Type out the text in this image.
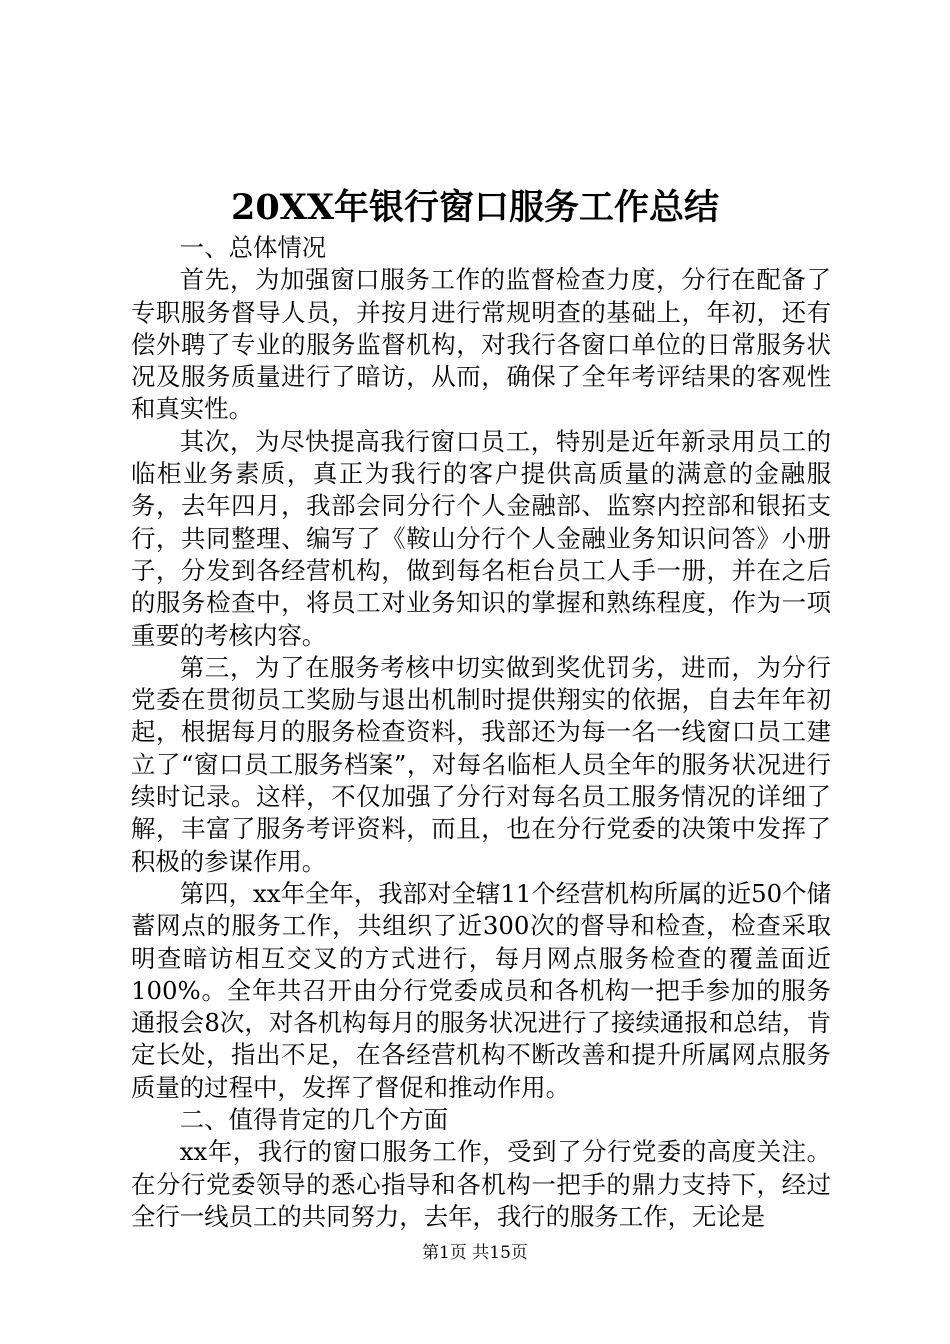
20XX年银行窗口服务工作总结

一、总体情况

首先，为加强窗口服务工作的监督检查力度，分行在配备了专职服务督导人员，并按月进行常规明查的基础上，年初，还有偿外聘了专业的服务监督机构，对我行各窗口单位的日常服务状况及服务质量进行了暗访，从而，确保了全年考评结果的客观性和真实性。

其次，为尽快提高我行窗口员工，特别是近年新录用员工的临柜业务素质，真正为我行的客户提供高质量的满意的金融服务，去年四月，我部会同分行个人金融部、监察内控部和银拓支行，共同整理、编写了《鞍山分行个人金融业务知识问答》小册子，分发到各经营机构，做到每名柜台员工人手一册，并在之后的服务检查中，将员工对业务知识的掌握和熟练程度，作为一项重要的考核内容。

第三，为了在服务考核中切实做到奖优罚劣，进而，为分行党委在贯彻员工奖励与退出机制时提供翔实的依据，自去年年初起，根据每月的服务检查资料，我部还为每一名一线窗口员工建立了“窗口员工服务档案”，对每名临柜人员全年的服务状况进行续时记录。这样，不仅加强了分行对每名员工服务情况的详细了解，丰富了服务考评资料，而且，也在分行党委的决策中发挥了积极的参谋作用。

第四，xx年全年，我部对全辖11个经营机构所属的近50个储蓄网点的服务工作，共组织了近300次的督导和检查，检查采取明查暗访相互交叉的方式进行，每月网点服务检查的覆盖面近100%。全年共召开由分行党委成员和各机构一把手参加的服务通报会8次，对各机构每月的服务状况进行了接续通报和总结，肯定长处，指出不足，在各经营机构不断改善和提升所属网点服务质量的过程中，发挥了督促和推动作用。

二、值得肯定的几个方面

xx年，我行的窗口服务工作，受到了分行党委的高度关注。在分行党委领导的悉心指导和各机构一把手的鼎力支持下，经过全行一线员工的共同努力，去年，我行的服务工作，无论是

第1页 共15页
